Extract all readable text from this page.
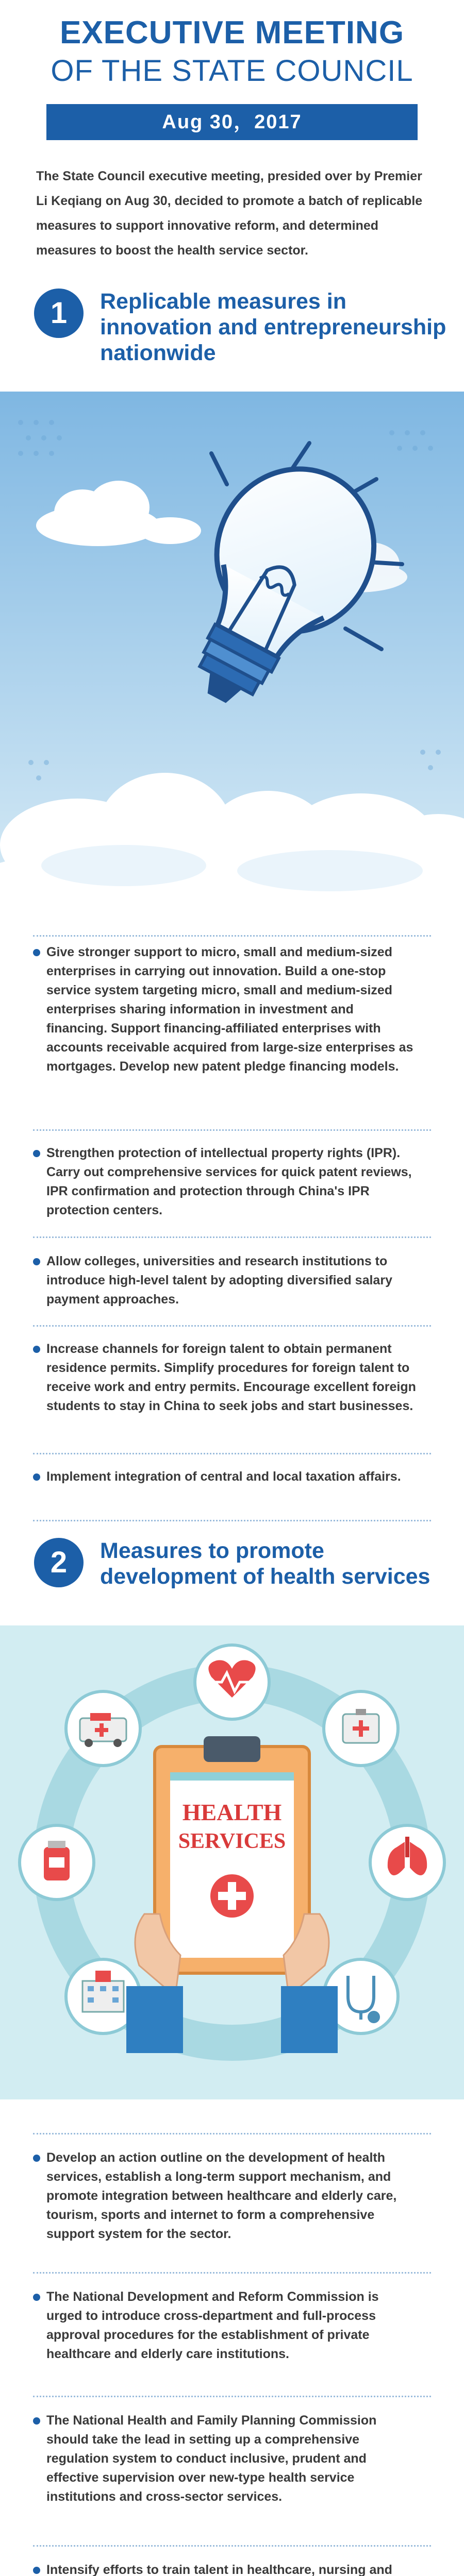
EXECUTIVE MEETING
OF THE STATE COUNCIL
Aug 30，2017
The State Council executive meeting, presided over by Premier Li Keqiang on Aug 30, decided to promote a batch of replicable measures to support innovative reform, and determined measures to boost the health service sector.
1	Replicable measures in innovation and entrepreneurship nationwide
Give stronger support to micro, small and medium-sized enterprises in carrying out innovation. Build a one-stop service system targeting micro, small and medium-sized enterprises sharing information in investment and financing. Support financing-affiliated enterprises with accounts receivable acquired from large-size enterprises as mortgages. Develop new patent pledge financing models.
Strengthen protection of intellectual property rights (IPR). Carry out comprehensive services for quick patent reviews, IPR confirmation and protection through China's IPR protection centers.
Allow colleges, universities and research institutions to introduce high-level talent by adopting diversified salary payment approaches.
Increase channels for foreign talent to obtain permanent residence permits. Simplify procedures for foreign talent to receive work and entry permits. Encourage excellent foreign students to stay in China to seek jobs and start businesses.
Implement integration of central and local taxation affairs.
2	Measures to promote development of health services
HEALTH
SERVICES
Develop an action outline on the development of health services, establish a long-term support mechanism, and promote integration between healthcare and elderly care, tourism, sports and internet to form a comprehensive support system for the sector.
The National Development and Reform Commission is urged to introduce cross-department and full-process approval procedures for the establishment of private healthcare and elderly care institutions.
The National Health and Family Planning Commission should take the lead in setting up a comprehensive regulation system to conduct inclusive, prudent and effective supervision over new-type health service institutions and cross-sector services.
Intensify efforts to train talent in healthcare, nursing and
